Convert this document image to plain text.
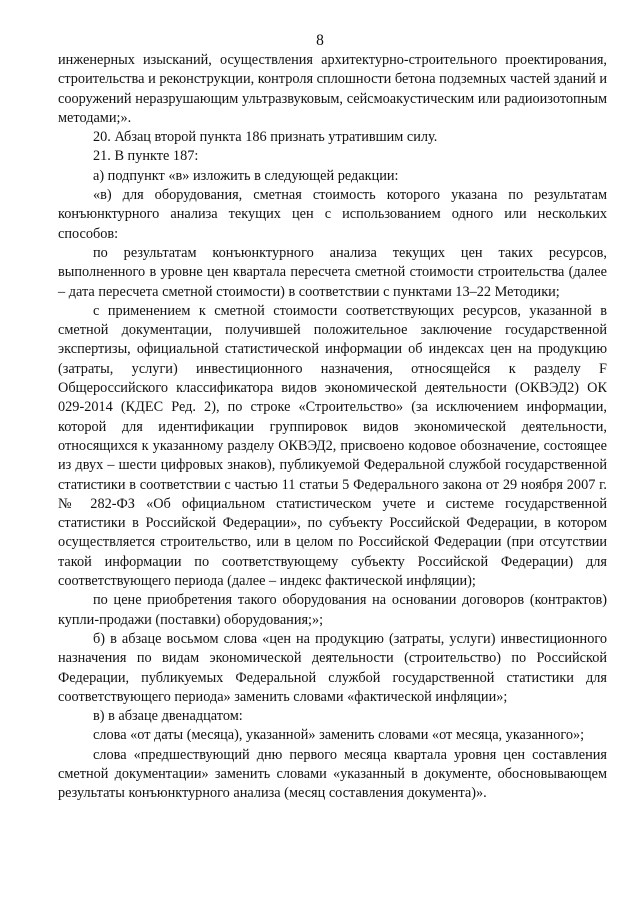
8

инженерных изысканий, осуществления архитектурно-строительного проектирования, строительства и реконструкции, контроля сплошности бетона подземных частей зданий и сооружений неразрушающим ультразвуковым, сейсмоакустическим или радиоизотопным методами;».

20. Абзац второй пункта 186 признать утратившим силу.

21. В пункте 187:

а) подпункт «в» изложить в следующей редакции:

«в) для оборудования, сметная стоимость которого указана по результатам конъюнктурного анализа текущих цен с использованием одного или нескольких способов:

по результатам конъюнктурного анализа текущих цен таких ресурсов, выполненного в уровне цен квартала пересчета сметной стоимости строительства (далее – дата пересчета сметной стоимости) в соответствии с пунктами 13–22 Методики;

с применением к сметной стоимости соответствующих ресурсов, указанной в сметной документации, получившей положительное заключение государственной экспертизы, официальной статистической информации об индексах цен на продукцию (затраты, услуги) инвестиционного назначения, относящейся к разделу F Общероссийского классификатора видов экономической деятельности (ОКВЭД2) ОК 029-2014 (КДЕС Ред. 2), по строке «Строительство» (за исключением информации, которой для идентификации группировок видов экономической деятельности, относящихся к указанному разделу ОКВЭД2, присвоено кодовое обозначение, состоящее из двух – шести цифровых знаков), публикуемой Федеральной службой государственной статистики в соответствии с частью 11 статьи 5 Федерального закона от 29 ноября 2007 г. № 282-ФЗ «Об официальном статистическом учете и системе государственной статистики в Российской Федерации», по субъекту Российской Федерации, в котором осуществляется строительство, или в целом по Российской Федерации (при отсутствии такой информации по соответствующему субъекту Российской Федерации) для соответствующего периода (далее – индекс фактической инфляции);

по цене приобретения такого оборудования на основании договоров (контрактов) купли-продажи (поставки) оборудования;»;

б) в абзаце восьмом слова «цен на продукцию (затраты, услуги) инвестиционного назначения по видам экономической деятельности (строительство) по Российской Федерации, публикуемых Федеральной службой государственной статистики для соответствующего периода» заменить словами «фактической инфляции»;

в) в абзаце двенадцатом:

слова «от даты (месяца), указанной» заменить словами «от месяца, указанного»;

слова «предшествующий дню первого месяца квартала уровня цен составления сметной документации» заменить словами «указанный в документе, обосновывающем результаты конъюнктурного анализа (месяц составления документа)».
